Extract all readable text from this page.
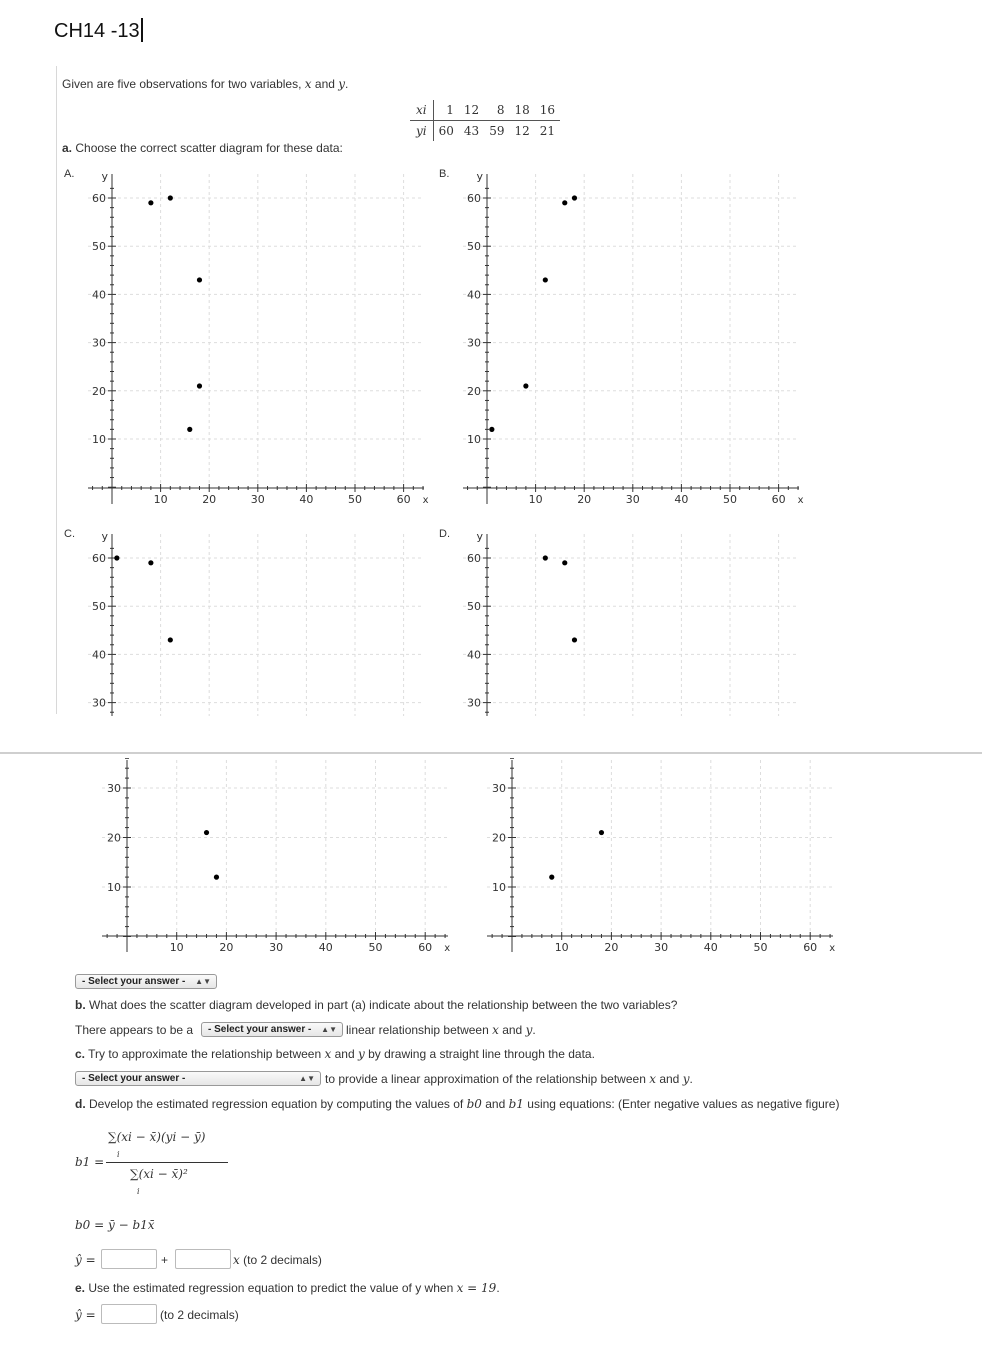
CH14 -13
Given are five observations for two variables, x and y.
xi	1	12	8	18	16
yi	60	43	59	12	21
a. Choose the correct scatter diagram for these data:
A.	B.
C.	D.
10	20	30	40	50	60 x
10
20
30
40
50
60
y
10	20	30	40	50	60 x
10
20
30
40
50
60
y
30
40
50
60
y
30
40
50
60
y
10	20	30	40	50	60 x
10
20
30
10	20	30	40	50	60 x
10
20
30
- Select your answer - ▲▼
b. What does the scatter diagram developed in part (a) indicate about the relationship between the two variables?
There appears to be a	- Select your answer - ▲▼ linear relationship between x and y.
c. Try to approximate the relationship between x and y by drawing a straight line through the data.
- Select your answer -	▲▼ to provide a linear approximation of the relationship between x and y.
d. Develop the estimated regression equation by computing the values of b0 and b1 using equations: (Enter negative values as negative figure)
b1 =
∑(xi − x̄)(yi − ȳ)
i
∑(xi − x̄)²
i
b0 = ȳ − b1x̄
ŷ =	+	x (to 2 decimals)
e. Use the estimated regression equation to predict the value of y when x = 19.
ŷ =	(to 2 decimals)
